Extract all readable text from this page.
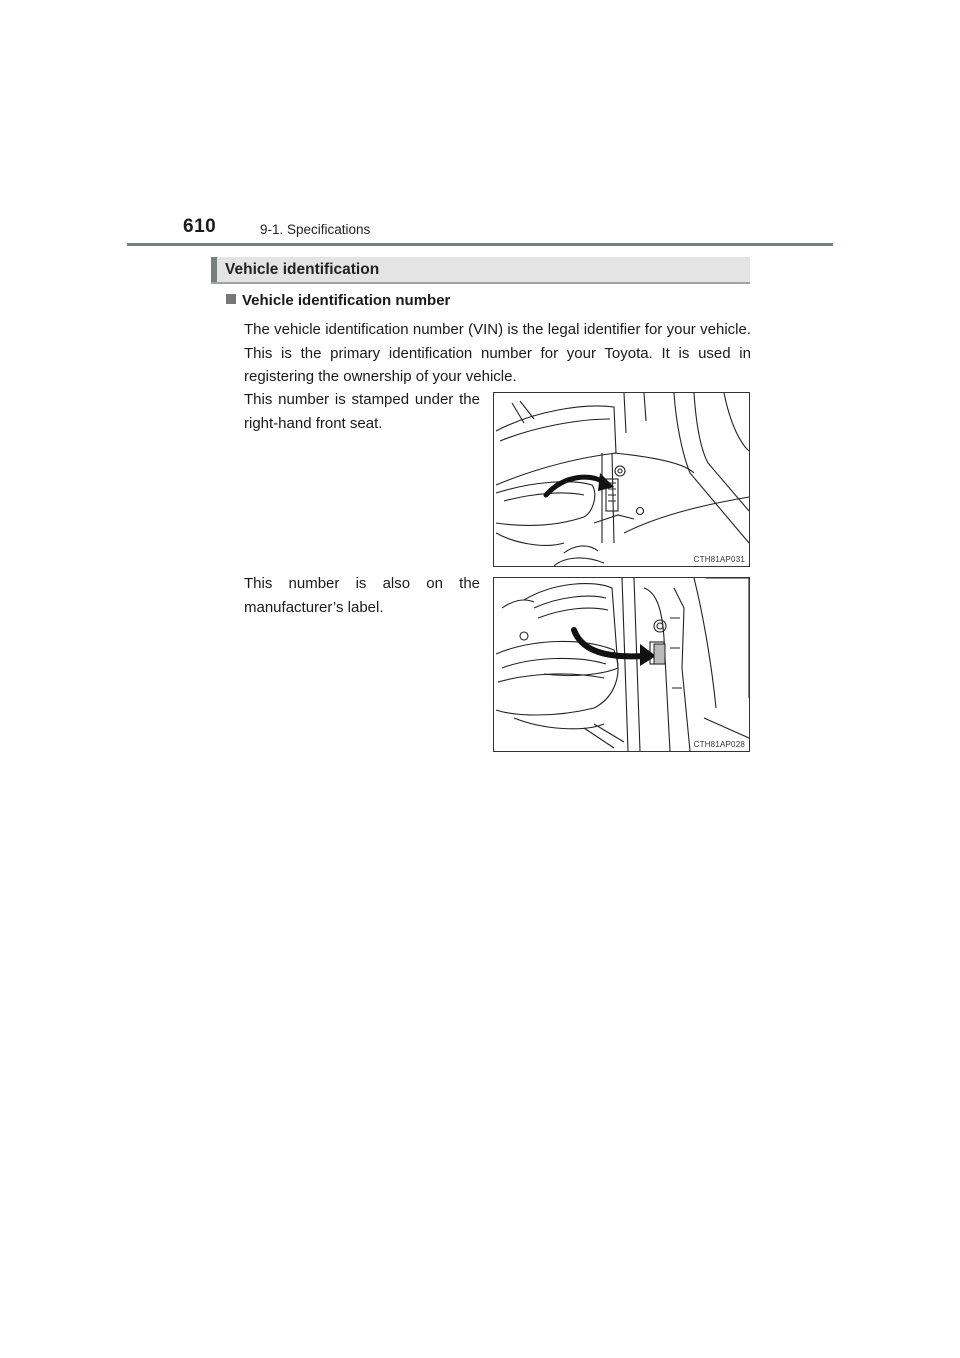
610	9-1. Specifications
Vehicle identification
Vehicle identification number
The vehicle identification number (VIN) is the legal identifier for your vehicle. This is the primary identification number for your Toyota. It is used in registering the ownership of your vehicle.
This number is stamped under the right-hand front seat.
This number is also on the manufacturer’s label.
CTH81AP031
CTH81AP028
